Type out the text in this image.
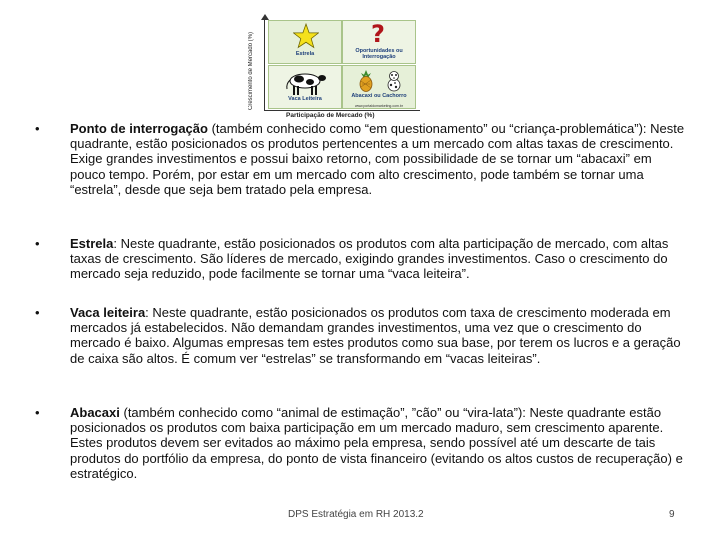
Crescimento de Mercado (%)	Estrela
?
Oportunidades ou Interrogação
Vaca Leiteira	Abacaxi ou Cachorro
www.portaldomarketing.com.br
Participação de Mercado (%)
• Ponto de interrogação (também conhecido como “em questionamento” ou “criança-problemática”): Neste quadrante, estão posicionados os produtos pertencentes a um mercado com altas taxas de crescimento. Exige grandes investimentos e possui baixo retorno, com possibilidade de se tornar um “abacaxi” em pouco tempo. Porém, por estar em um mercado com alto crescimento, pode também se tornar uma “estrela”, desde que seja bem tratado pela empresa.

• Estrela: Neste quadrante, estão posicionados os produtos com alta participação de mercado, com altas taxas de crescimento. São líderes de mercado, exigindo grandes investimentos. Caso o crescimento do mercado seja reduzido, pode facilmente se tornar uma “vaca leiteira”.

• Vaca leiteira: Neste quadrante, estão posicionados os produtos com taxa de crescimento moderada em mercados já estabelecidos. Não demandam grandes investimentos, uma vez que o crescimento do mercado é baixo. Algumas empresas tem estes produtos como sua base, por terem os lucros e a geração de caixa são altos. É comum ver “estrelas” se transformando em “vacas leiteiras”.

• Abacaxi (também conhecido como “animal de estimação”, ”cão” ou “vira-lata”): Neste quadrante estão posicionados os produtos com baixa participação em um mercado maduro, sem crescimento aparente. Estes produtos devem ser evitados ao máximo pela empresa, sendo possível até um descarte de tais produtos do portfólio da empresa, do ponto de vista financeiro (evitando os altos custos de recuperação) e estratégico.

DPS Estratégia em RH 2013.2	9
